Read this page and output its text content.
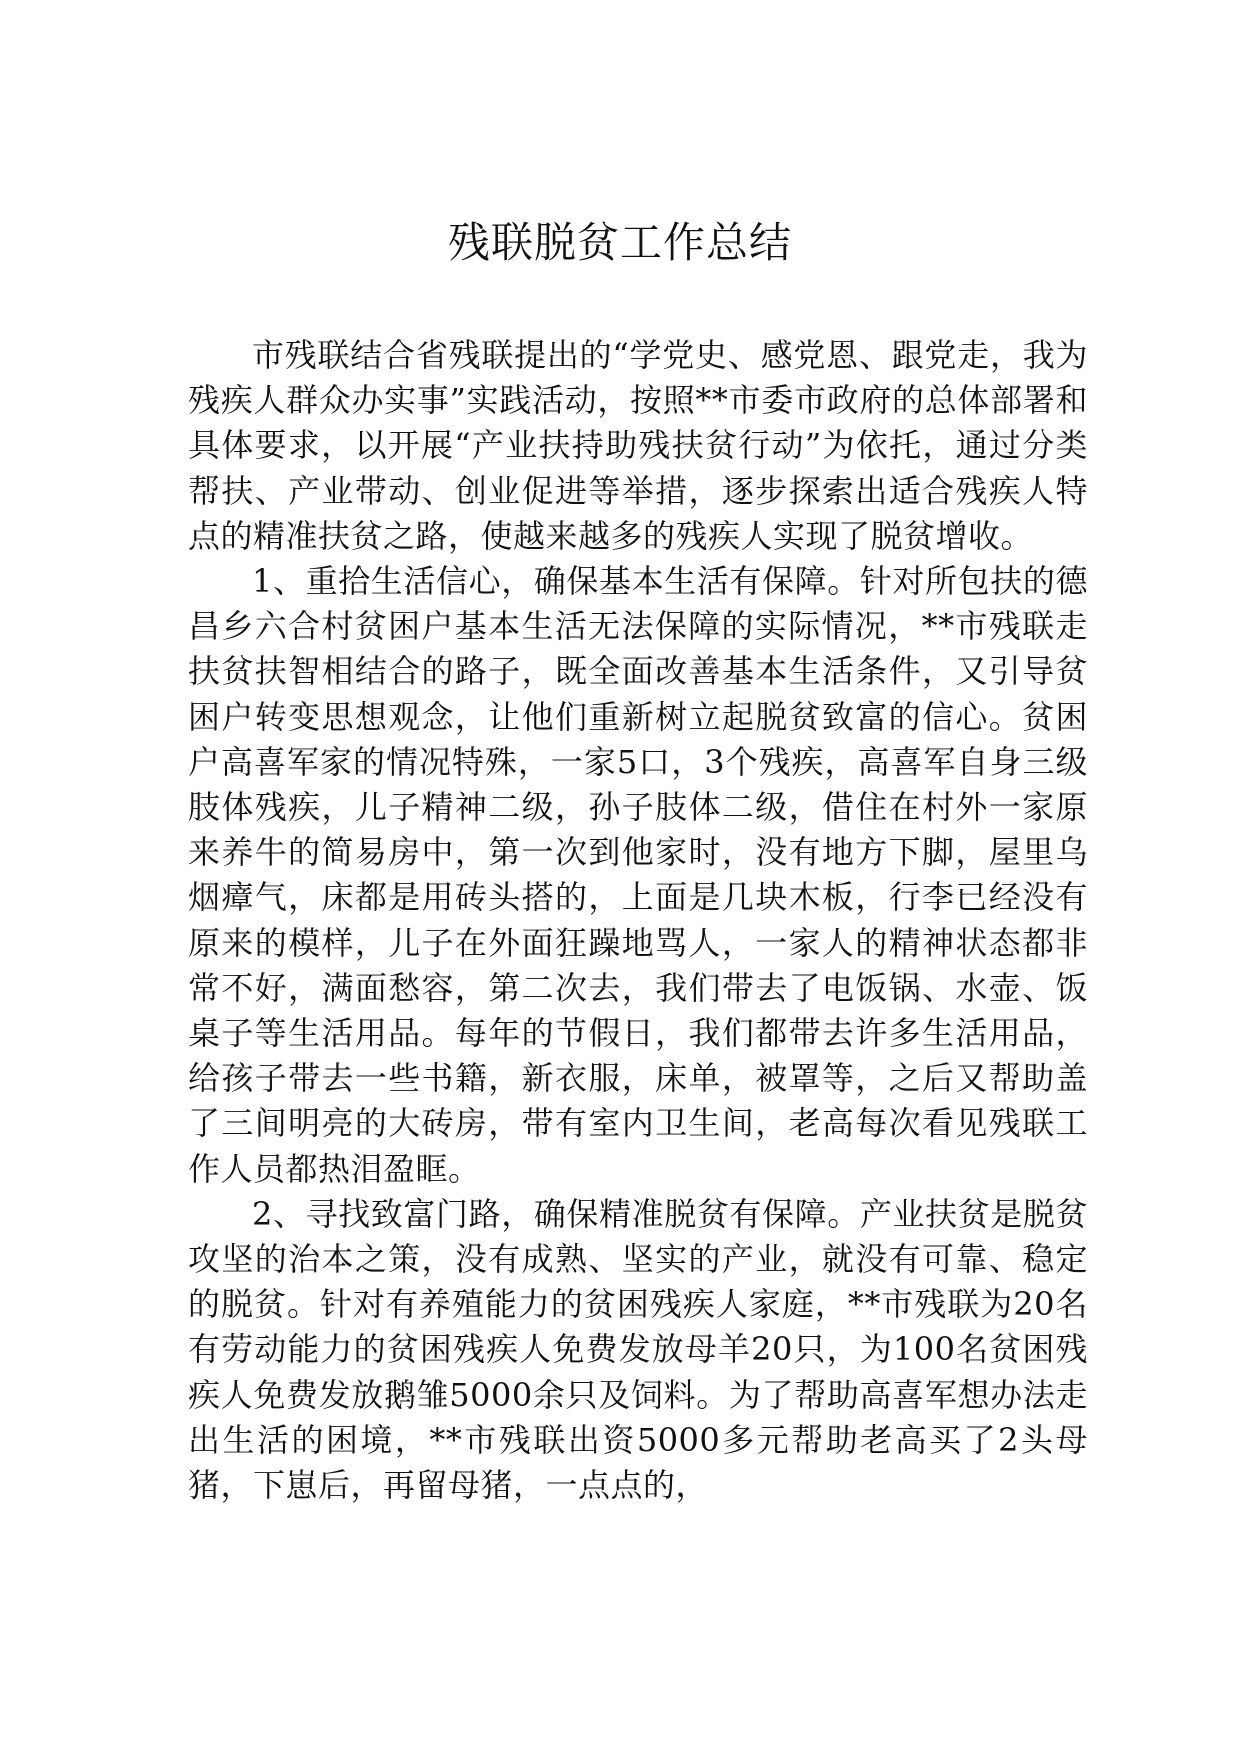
残联脱贫工作总结

市残联结合省残联提出的“学党史、感党恩、跟党走，我为残疾人群众办实事”实践活动，按照**市委市政府的总体部署和具体要求，以开展“产业扶持助残扶贫行动”为依托，通过分类帮扶、产业带动、创业促进等举措，逐步探索出适合残疾人特点的精准扶贫之路，使越来越多的残疾人实现了脱贫增收。

1、重拾生活信心，确保基本生活有保障。针对所包扶的德昌乡六合村贫困户基本生活无法保障的实际情况，**市残联走扶贫扶智相结合的路子，既全面改善基本生活条件，又引导贫困户转变思想观念，让他们重新树立起脱贫致富的信心。贫困户高喜军家的情况特殊，一家5口，3个残疾，高喜军自身三级肢体残疾，儿子精神二级，孙子肢体二级，借住在村外一家原来养牛的简易房中，第一次到他家时，没有地方下脚，屋里乌烟瘴气，床都是用砖头搭的，上面是几块木板，行李已经没有原来的模样，儿子在外面狂躁地骂人，一家人的精神状态都非常不好，满面愁容，第二次去，我们带去了电饭锅、水壶、饭桌子等生活用品。每年的节假日，我们都带去许多生活用品，给孩子带去一些书籍，新衣服，床单，被罩等，之后又帮助盖了三间明亮的大砖房，带有室内卫生间，老高每次看见残联工作人员都热泪盈眶。

2、寻找致富门路，确保精准脱贫有保障。产业扶贫是脱贫攻坚的治本之策，没有成熟、坚实的产业，就没有可靠、稳定的脱贫。针对有养殖能力的贫困残疾人家庭，**市残联为20名有劳动能力的贫困残疾人免费发放母羊20只，为100名贫困残疾人免费发放鹅雏5000余只及饲料。为了帮助高喜军想办法走出生活的困境，**市残联出资5000多元帮助老高买了2头母猪，下崽后，再留母猪，一点点的，
